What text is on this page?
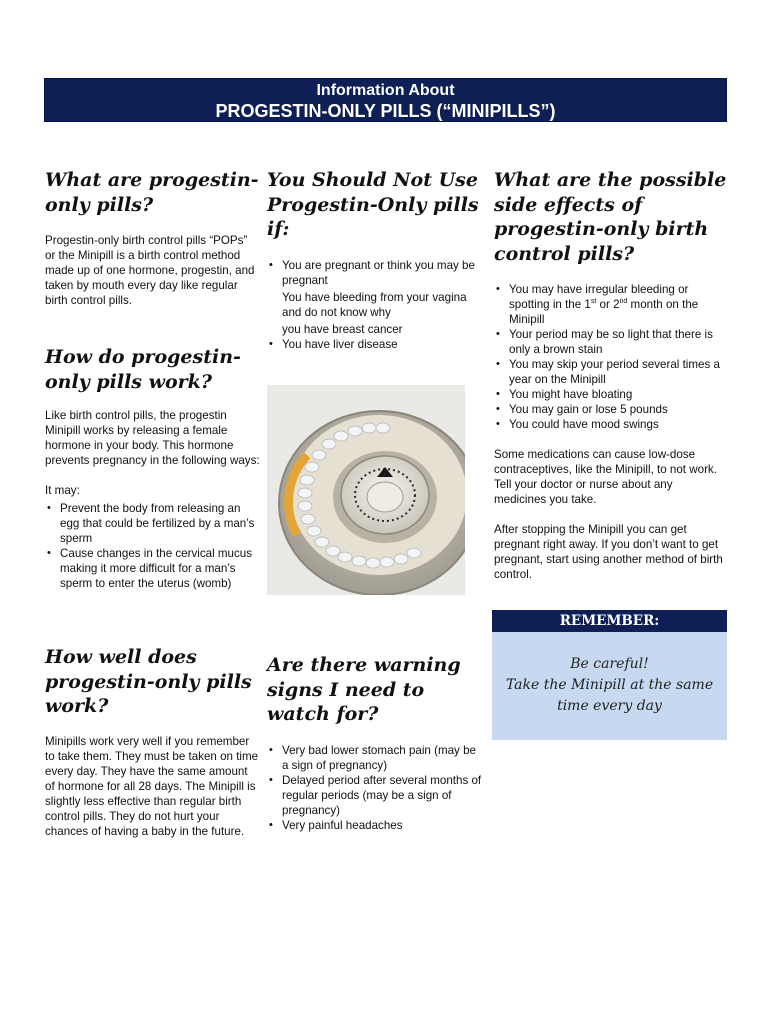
Information About
PROGESTIN-ONLY PILLS (“MINIPILLS”)
What are progestin-only pills?

Progestin-only birth control pills “POPs” or the Minipill is a birth control method made up of one hormone, progestin, and taken by mouth every day like regular birth control pills.

How do progestin-only pills work?

Like birth control pills, the progestin Minipill works by releasing a female hormone in your body. This hormone prevents pregnancy in the following ways:

It may:

• Prevent the body from releasing an egg that could be fertilized by a man’s sperm
• Cause changes in the cervical mucus making it more difficult for a man’s sperm to enter the uterus (womb)
How well does progestin-only pills work?

Minipills work very well if you remember to take them. They must be taken on time every day. They have the same amount of hormone for all 28 days. The Minipill is slightly less effective than regular birth control pills. They do not hurt your chances of having a baby in the future.

You Should Not Use Progestin-Only pills if:
• You are pregnant or think you may be pregnant
You have bleeding from your vagina and do not know why
you have breast cancer
• You have liver disease
Are there warning signs I need to watch for?
• Very bad lower stomach pain (may be a sign of pregnancy)
• Delayed period after several months of regular periods (may be a sign of pregnancy)
• Very painful headaches
What are the possible side effects of progestin-only birth control pills?
• You may have irregular bleeding or spotting in the 1st or 2nd month on the Minipill
• Your period may be so light that there is only a brown stain
• You may skip your period several times a year on the Minipill
• You might have bloating
• You may gain or lose 5 pounds
• You could have mood swings

Some medications can cause low-dose contraceptives, like the Minipill, to not work. Tell your doctor or nurse about any medicines you take.

After stopping the Minipill you can get pregnant right away. If you don’t want to get pregnant, start using another method of birth control.

REMEMBER:
Be careful!
Take the Minipill at the same time every day
